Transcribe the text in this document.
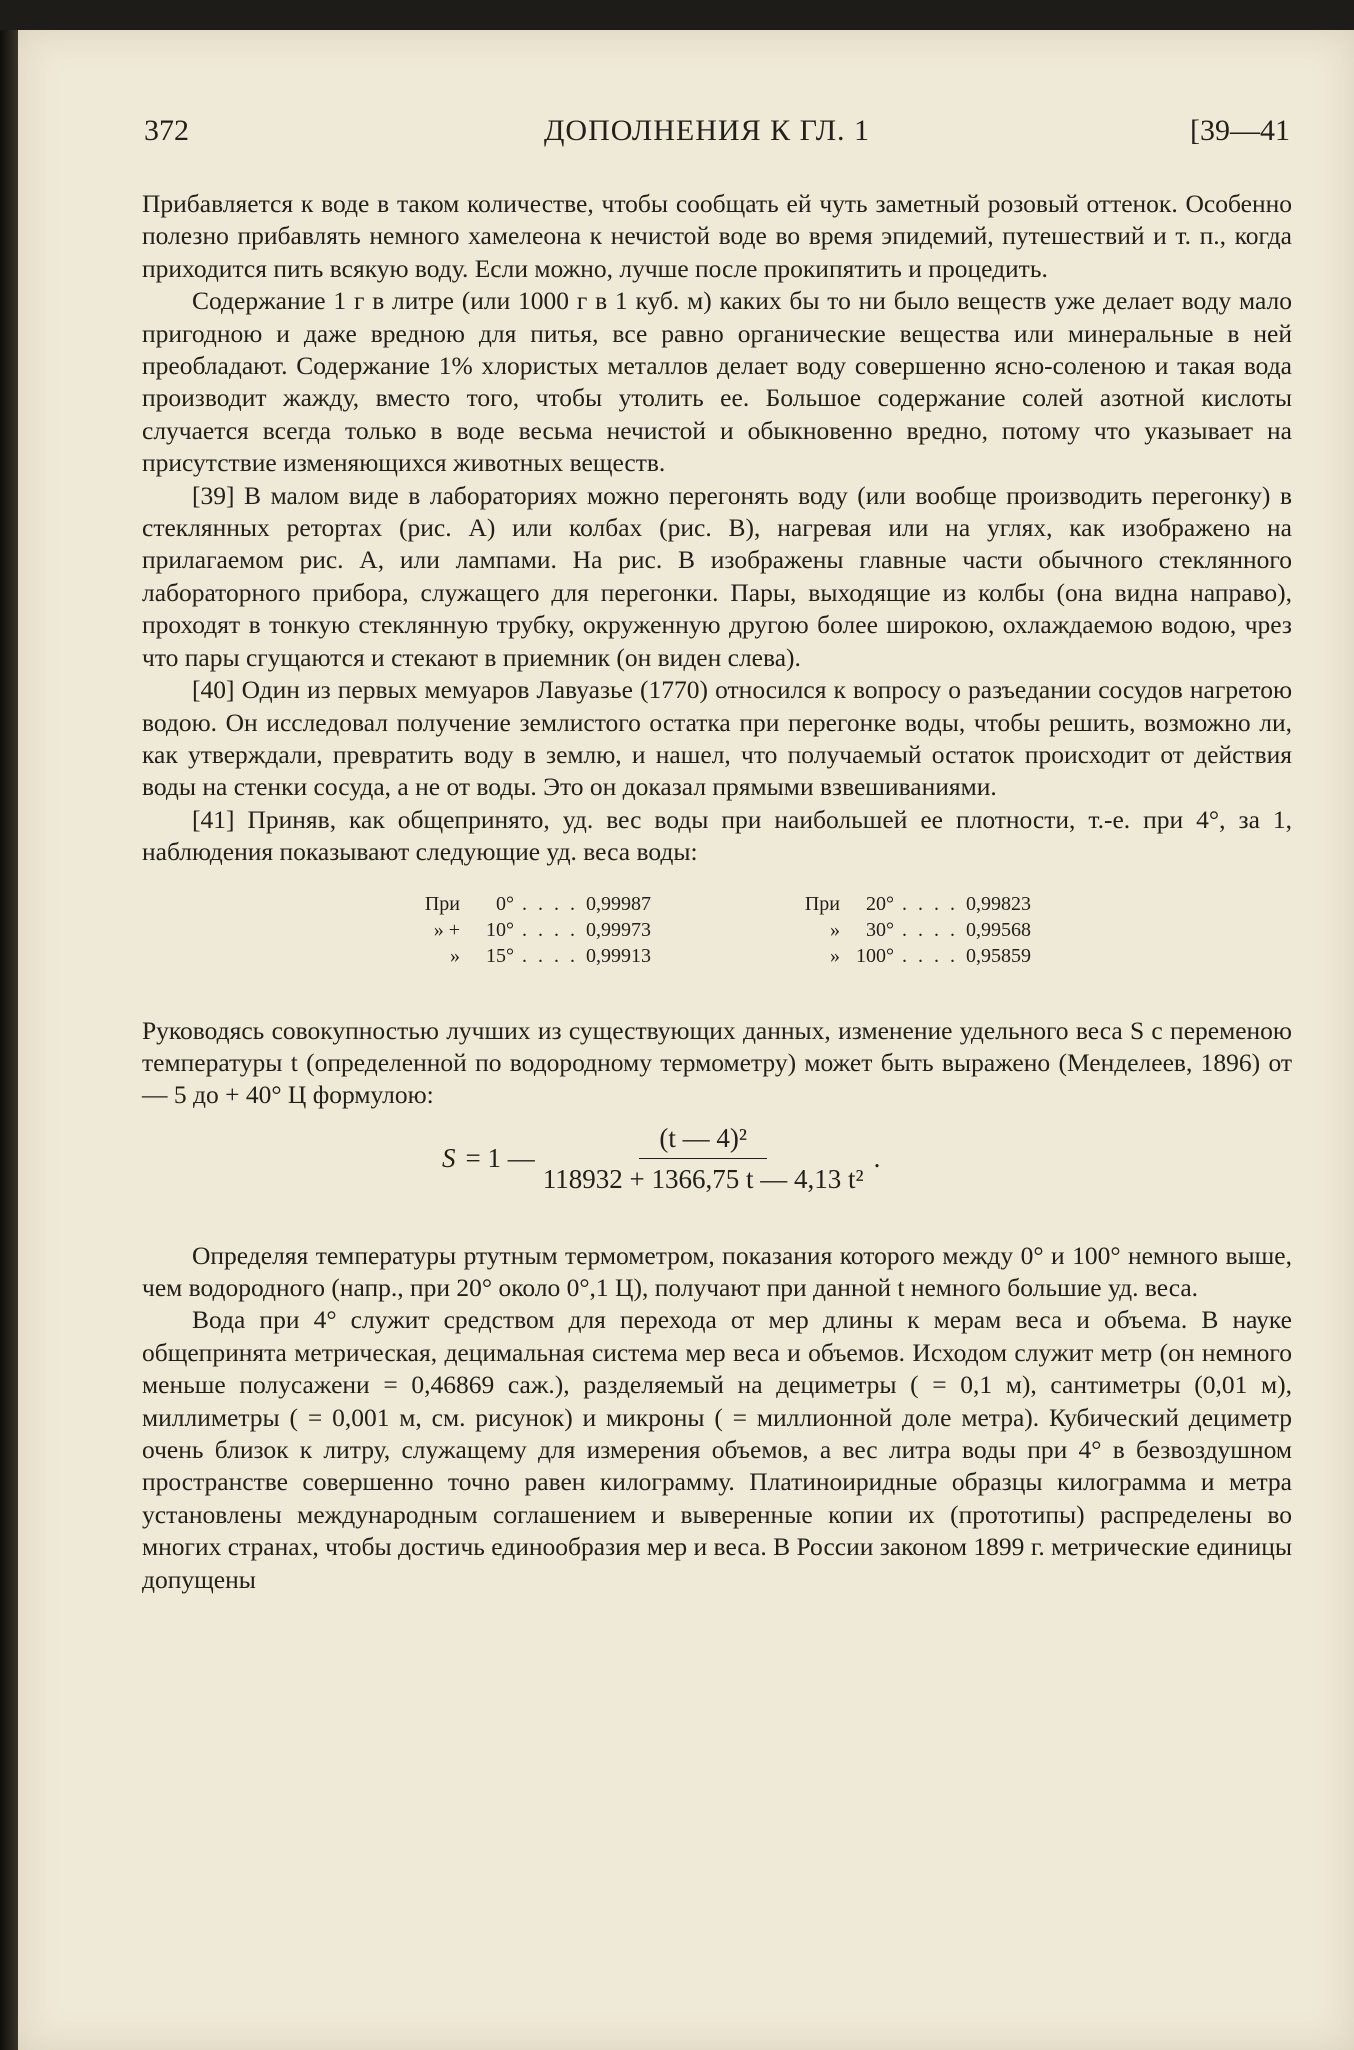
372	ДОПОЛНЕНИЯ К ГЛ. 1	[39—41

Прибавляется к воде в таком количестве, чтобы сообщать ей чуть заметный розовый оттенок. Особенно полезно прибавлять немного хамелеона к нечистой воде во время эпидемий, путешествий и т. п., когда приходится пить всякую воду. Если можно, лучше после прокипятить и процедить.

Содержание 1 г в литре (или 1000 г в 1 куб. м) каких бы то ни было веществ уже делает воду мало пригодною и даже вредною для питья, все равно органические вещества или минеральные в ней преобладают. Содержание 1% хлористых металлов делает воду совершенно ясно-соленою и такая вода производит жажду, вместо того, чтобы утолить ее. Большое содержание солей азотной кислоты случается всегда только в воде весьма нечистой и обыкновенно вредно, потому что указывает на присутствие изменяющихся животных веществ.

[39] В малом виде в лабораториях можно перегонять воду (или вообще производить перегонку) в стеклянных ретортах (рис. А) или колбах (рис. В), нагревая или на углях, как изображено на прилагаемом рис. А, или лампами. На рис. В изображены главные части обычного стеклянного лабораторного прибора, служащего для перегонки. Пары, выходящие из колбы (она видна направо), проходят в тонкую стеклянную трубку, окруженную другою более широкою, охлаждаемою водою, чрез что пары сгущаются и стекают в приемник (он виден слева).

[40] Один из первых мемуаров Лавуазье (1770) относился к вопросу о разъедании сосудов нагретою водою. Он исследовал получение землистого остатка при перегонке воды, чтобы решить, возможно ли, как утверждали, превратить воду в землю, и нашел, что получаемый остаток происходит от действия воды на стенки сосуда, а не от воды. Это он доказал прямыми взвешиваниями.

[41] Приняв, как общепринято, уд. вес воды при наибольшей ее плотности, т.-е. при 4°, за 1, наблюдения показывают следующие уд. веса воды:

При	0° . . . . 0,99987
» +	10° . . . . 0,99973
»	15° . . . . 0,99913
При	20° . . . . 0,99823
»	30° . . . . 0,99568
» 100° . . . . 0,95859

Руководясь совокупностью лучших из существующих данных, изменение удельного веса S с переменою температуры t (определенной по водородному термометру) может быть выражено (Менделеев, 1896) от — 5 до + 40° Ц формулою:

S = 1 — $\frac{\text{(t — 4)²}}{\text{118932 + 1366,75 t — 4,13 t²}}$ .

Определяя температуры ртутным термометром, показания которого между 0° и 100° немного выше, чем водородного (напр., при 20° около 0°,1 Ц), получают при данной t немного большие уд. веса.

Вода при 4° служит средством для перехода от мер длины к мерам веса и объема. В науке общепринята метрическая, децимальная система мер веса и объемов. Исходом служит метр (он немного меньше полусажени = 0,46869 саж.), разделяемый на дециметры ( = 0,1 м), сантиметры (0,01 м), миллиметры ( = 0,001 м, см. рисунок) и микроны ( = миллионной доле метра). Кубический дециметр очень близок к литру, служащему для измерения объемов, а вес литра воды при 4° в безвоздушном пространстве совершенно точно равен килограмму. Платиноиридные образцы килограмма и метра установлены международным соглашением и выверенные копии их (прототипы) распределены во многих странах, чтобы достичь единообразия мер и веса. В России законом 1899 г. метрические единицы допущены
